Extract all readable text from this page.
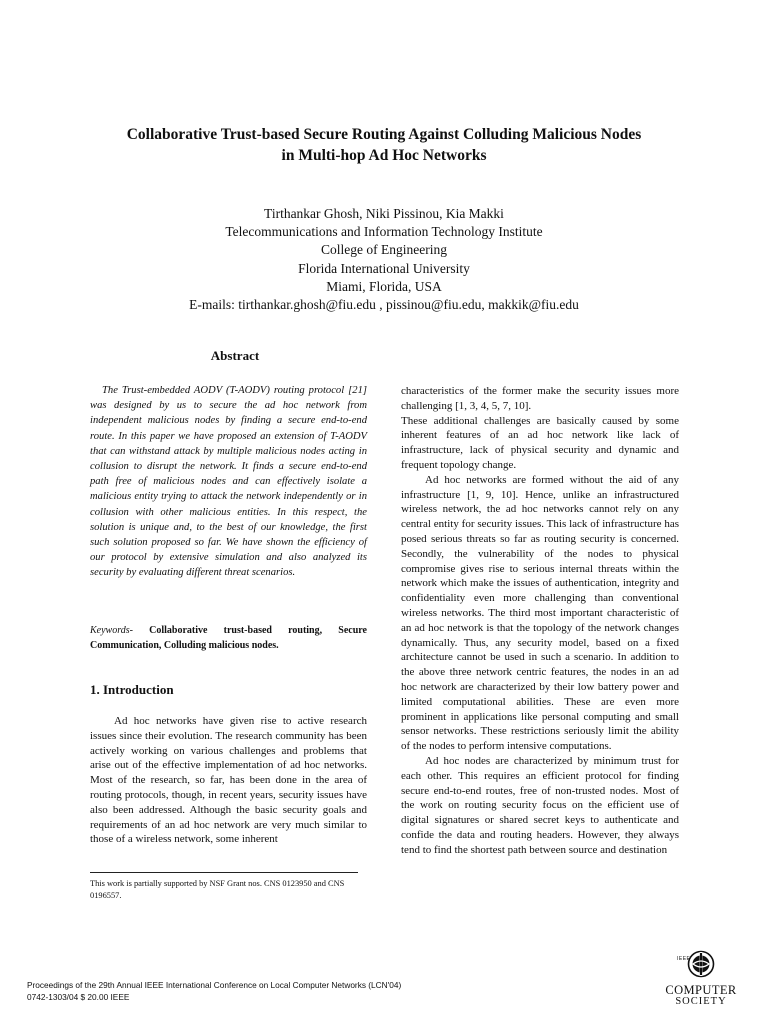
Collaborative Trust-based Secure Routing Against Colluding Malicious Nodes
in Multi-hop Ad Hoc Networks
Tirthankar Ghosh, Niki Pissinou, Kia Makki
Telecommunications and Information Technology Institute
College of Engineering
Florida International University
Miami, Florida, USA
E-mails: tirthankar.ghosh@fiu.edu , pissinou@fiu.edu, makkik@fiu.edu
Abstract

The Trust-embedded AODV (T-AODV) routing protocol [21] was designed by us to secure the ad hoc network from independent malicious nodes by finding a secure end-to-end route. In this paper we have proposed an extension of T-AODV that can withstand attack by multiple malicious nodes acting in collusion to disrupt the network. It finds a secure end-to-end path free of malicious nodes and can effectively isolate a malicious entity trying to attack the network independently or in collusion with other malicious entities. In this respect, the solution is unique and, to the best of our knowledge, the first such solution proposed so far. We have shown the efficiency of our protocol by extensive simulation and also analyzed its security by evaluating different threat scenarios.

Keywords- Collaborative trust-based routing, Secure Communication, Colluding malicious nodes.

1. Introduction

Ad hoc networks have given rise to active research issues since their evolution. The research community has been actively working on various challenges and problems that arise out of the effective implementation of ad hoc networks. Most of the research, so far, has been done in the area of routing protocols, though, in recent years, security issues have also been addressed. Although the basic security goals and requirements of an ad hoc network are very much similar to those of a wireless network, some inherent

This work is partially supported by NSF Grant nos. CNS 0123950 and CNS 0196557.

characteristics of the former make the security issues more challenging [1, 3, 4, 5, 7, 10].

These additional challenges are basically caused by some inherent features of an ad hoc network like lack of infrastructure, lack of physical security and dynamic and frequent topology change.

Ad hoc networks are formed without the aid of any infrastructure [1, 9, 10]. Hence, unlike an infrastructured wireless network, the ad hoc networks cannot rely on any central entity for security issues. This lack of infrastructure has posed serious threats so far as routing security is concerned. Secondly, the vulnerability of the nodes to physical compromise gives rise to serious internal threats within the network which make the issues of authentication, integrity and confidentiality even more challenging than conventional wireless networks. The third most important characteristic of an ad hoc network is that the topology of the network changes dynamically. Thus, any security model, based on a fixed architecture cannot be used in such a scenario. In addition to the above three network centric features, the nodes in an ad hoc network are characterized by their low battery power and limited computational abilities. These are even more prominent in applications like personal computing and small sensor networks. These restrictions seriously limit the ability of the nodes to perform intensive computations.

Ad hoc nodes are characterized by minimum trust for each other. This requires an efficient protocol for finding secure end-to-end routes, free of non-trusted nodes. Most of the work on routing security focus on the efficient use of digital signatures or shared secret keys to authenticate and confide the data and routing headers. However, they always tend to find the shortest path between source and destination

Proceedings of the 29th Annual IEEE International Conference on Local Computer Networks (LCN'04)
0742-1303/04 $ 20.00 IEEE
IEEE
COMPUTER
SOCIETY
